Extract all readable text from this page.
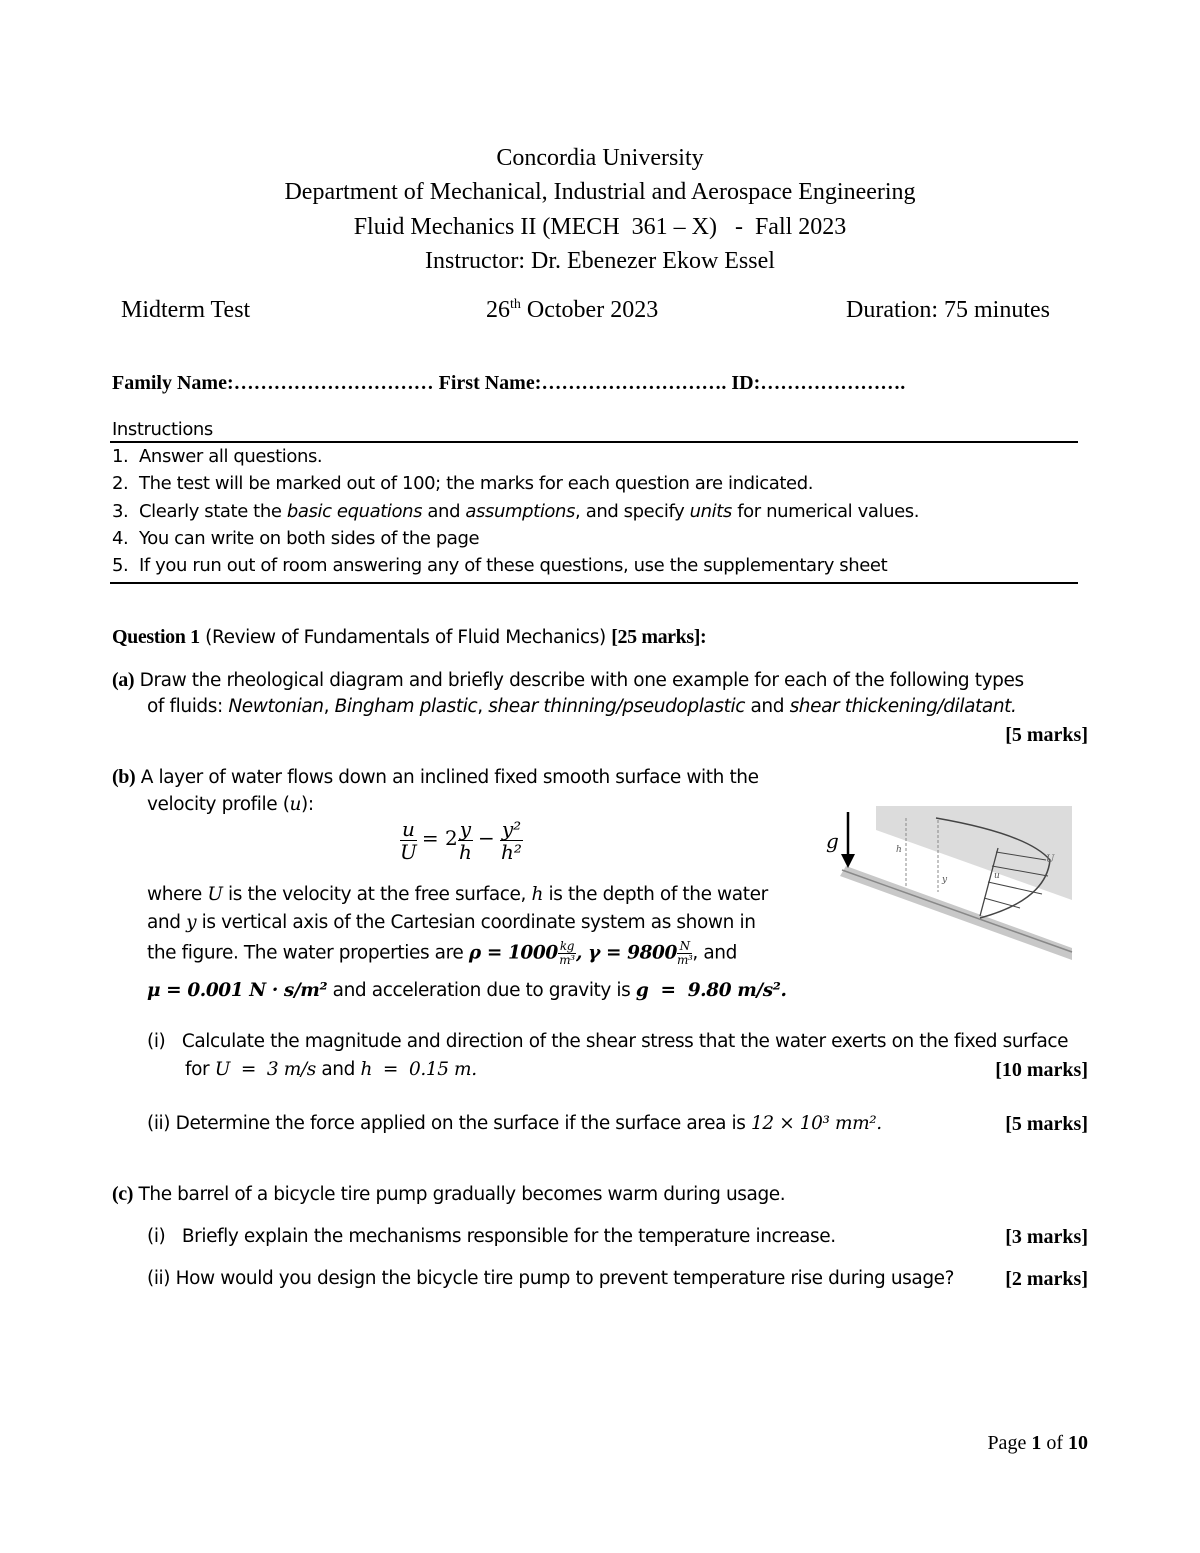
Concordia University
Department of Mechanical, Industrial and Aerospace Engineering
Fluid Mechanics II (MECH  361 – X)   -  Fall 2023
Instructor: Dr. Ebenezer Ekow Essel
Midterm Test	26th October 2023	Duration: 75 minutes
Family Name:………………………… First Name:………………………. ID:………………….
Instructions
1.  Answer all questions.
2.  The test will be marked out of 100; the marks for each question are indicated.
3.  Clearly state the basic equations and assumptions, and specify units for numerical values.
4.  You can write on both sides of the page
5.  If you run out of room answering any of these questions, use the supplementary sheet
Question 1 (Review of Fundamentals of Fluid Mechanics) [25 marks]:
(a) Draw the rheological diagram and briefly describe with one example for each of the following types
of fluids: Newtonian, Bingham plastic, shear thinning/pseudoplastic and shear thickening/dilatant.
[5 marks]
(b) A layer of water flows down an inclined fixed smooth surface with the
velocity profile (u):
$\frac{u}{U} = 2 \frac{y}{h} - \frac{\text{y²}}{\text{h²}}$
where U is the velocity at the free surface, h is the depth of the water
and y is vertical axis of the Cartesian coordinate system as shown in
the figure. The water properties are $\rho = 1000 \frac{kg}{\text{m³}}$ , $\gamma = 9800 \frac{N}{\text{m³}}$ , and
μ = 0.001 N · s/m² and acceleration due to gravity is g  =  9.80 m/s².
g	h
y	u
U
(i) Calculate the magnitude and direction of the shear stress that the water exerts on the fixed surface
for U  =  3 m/s and h  =  0.15 m.	[10 marks]
(ii) Determine the force applied on the surface if the surface area is 12 × 10³ mm².	[5 marks]
(c) The barrel of a bicycle tire pump gradually becomes warm during usage.
(i) Briefly explain the mechanisms responsible for the temperature increase.	[3 marks]
(ii) How would you design the bicycle tire pump to prevent temperature rise during usage?	[2 marks]
Page 1 of 10
